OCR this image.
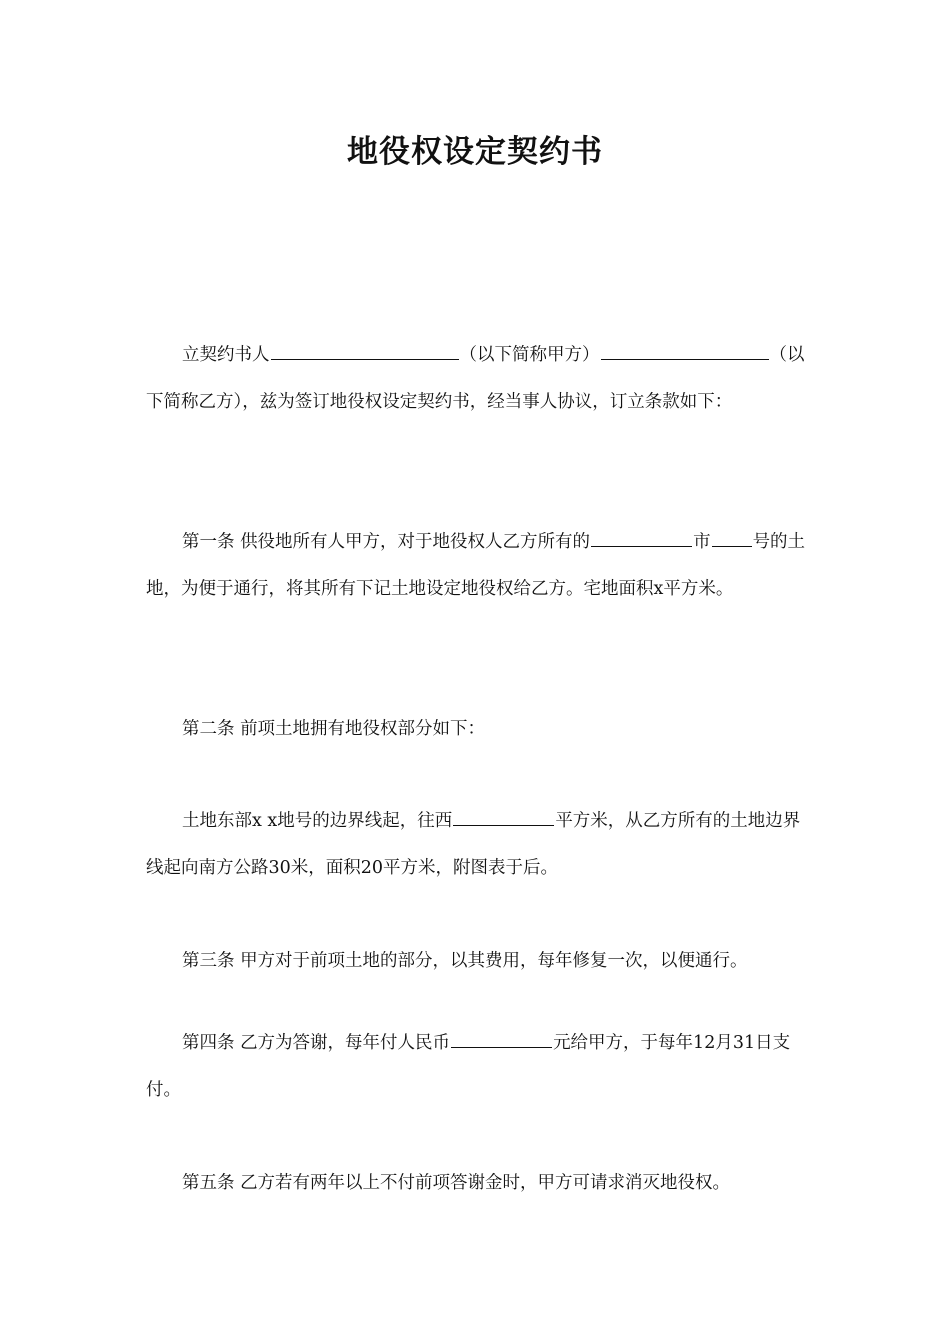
地役权设定契约书

立契约书人	（以下简称甲方）	（以下简称乙方），兹为签订地役权设定契约书，经当事人协议，订立条款如下：

第一条 供役地所有人甲方，对于地役权人乙方所有的	市 号的土地，为便于通行，将其所有下记土地设定地役权给乙方。宅地面积x平方米。

第二条 前项土地拥有地役权部分如下：

土地东部x x地号的边界线起，往西	平方米，从乙方所有的土地边界线起向南方公路30米，面积20平方米，附图表于后。

第三条 甲方对于前项土地的部分，以其费用，每年修复一次，以便通行。

第四条 乙方为答谢，每年付人民币	元给甲方，于每年12月31日支付。

第五条 乙方若有两年以上不付前项答谢金时，甲方可请求消灭地役权。
